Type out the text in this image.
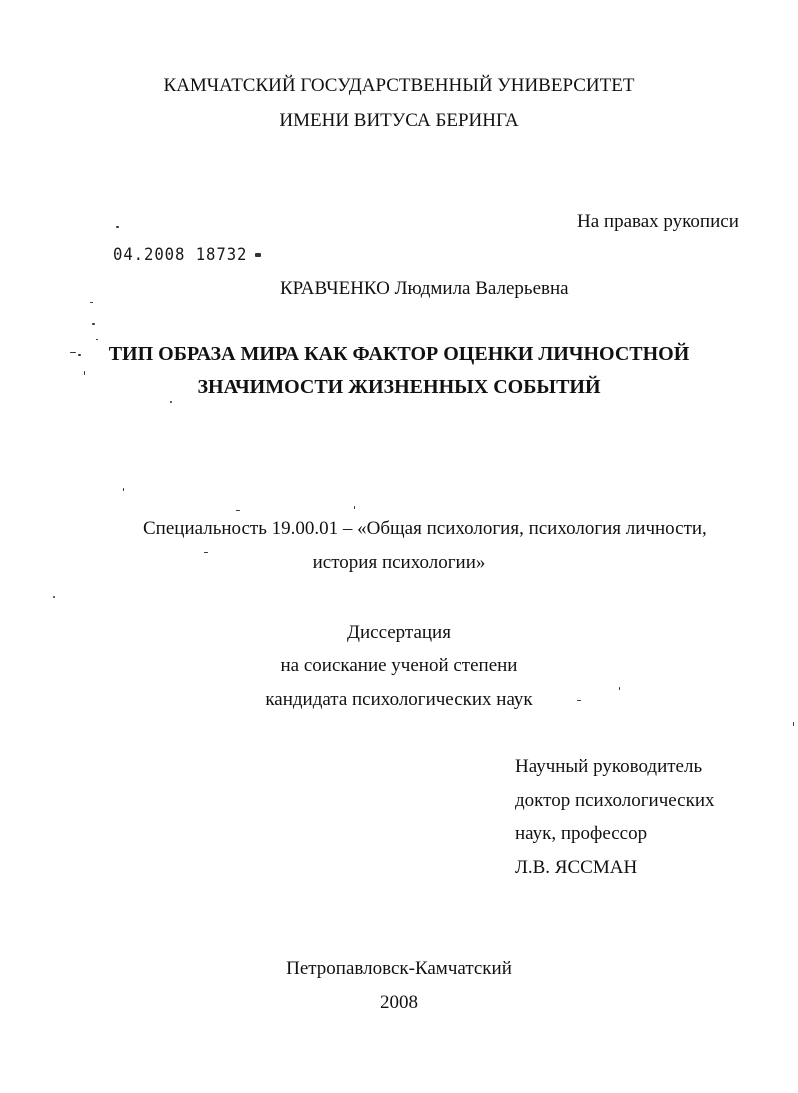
КАМЧАТСКИЙ ГОСУДАРСТВЕННЫЙ УНИВЕРСИТЕТ
ИМЕНИ ВИТУСА БЕРИНГА
На правах рукописи
04.2008 18732
КРАВЧЕНКО Людмила Валерьевна
ТИП ОБРАЗА МИРА КАК ФАКТОР ОЦЕНКИ ЛИЧНОСТНОЙ
ЗНАЧИМОСТИ ЖИЗНЕННЫХ СОБЫТИЙ
Специальность 19.00.01 – «Общая психология, психология личности,
история психологии»
Диссертация
на соискание ученой степени
кандидата психологических наук
Научный руководитель
доктор психологических
наук, профессор
Л.В. ЯССМАН
Петропавловск-Камчатский
2008
